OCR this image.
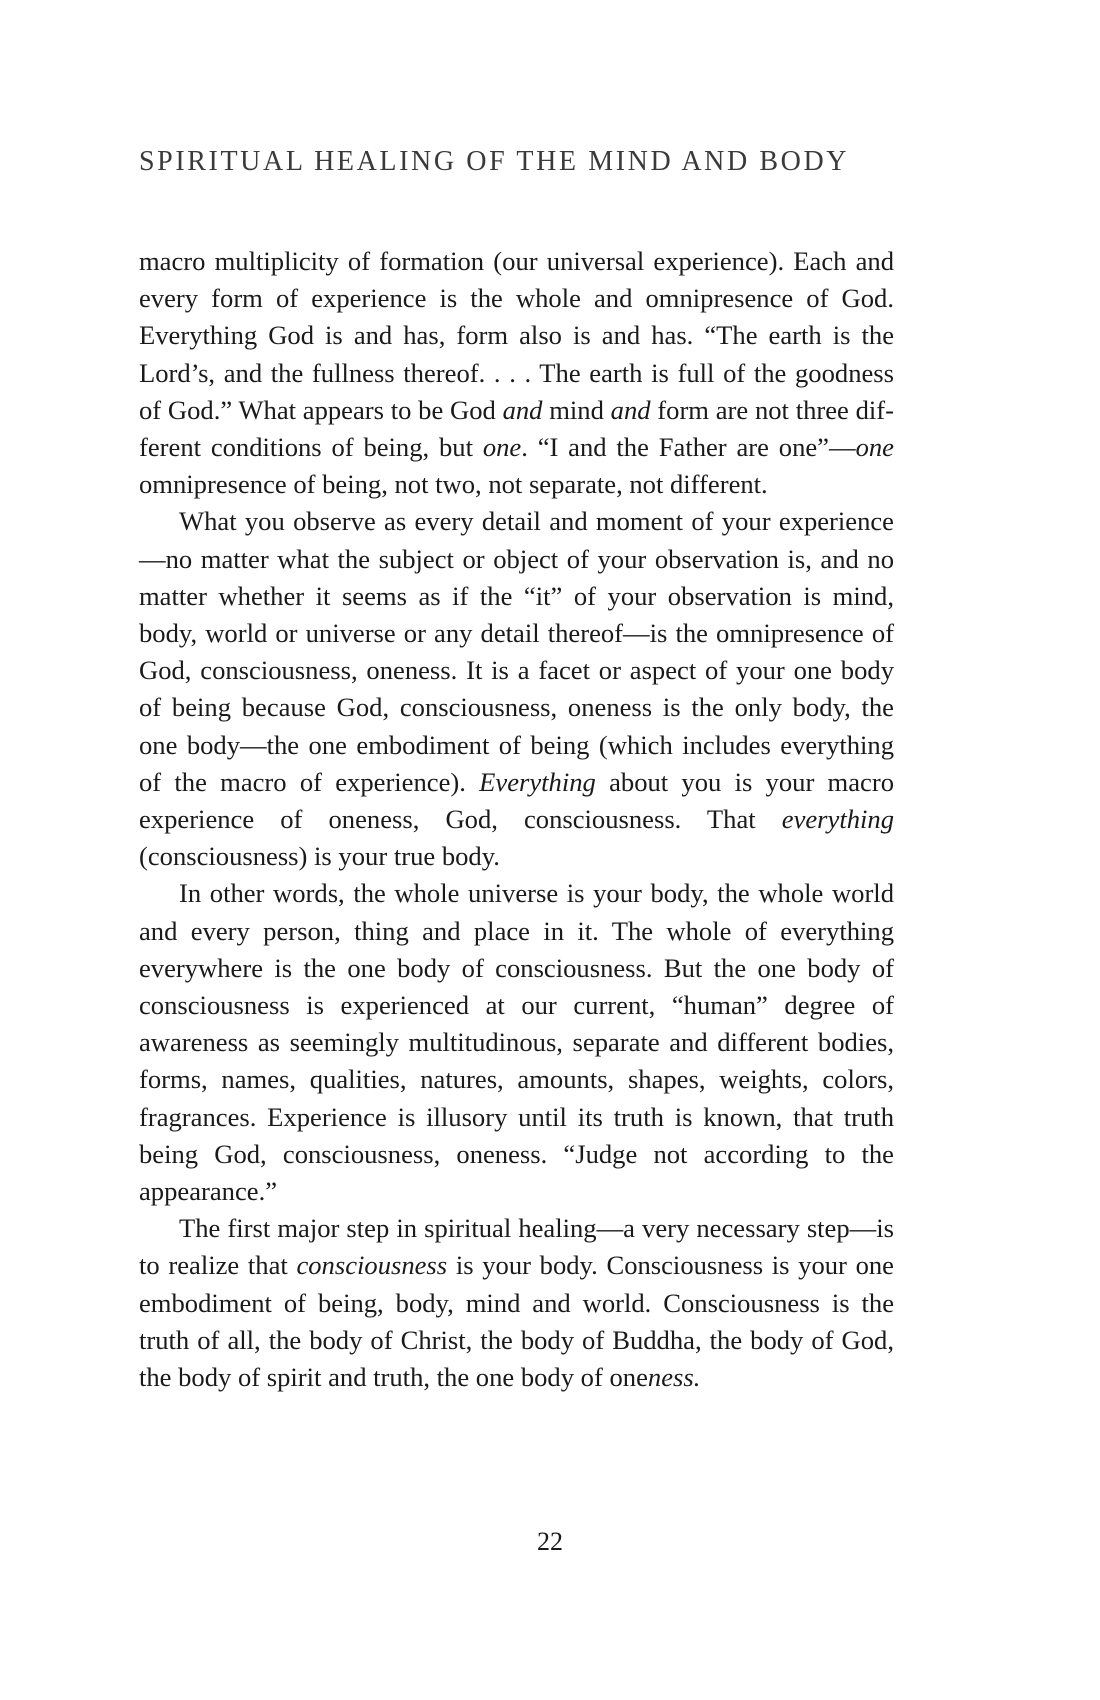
SPIRITUAL HEALING OF THE MIND AND BODY

macro multiplicity of formation (our universal experience). Each and every form of experience is the whole and omnipresence of God. Everything God is and has, form also is and has. “The earth is the Lord’s, and the fullness thereof. . . . The earth is full of the goodness of God.” What appears to be God and mind and form are not three different conditions of being, but one. “I and the Father are one”—one omnipresence of being, not two, not separate, not different.

What you observe as every detail and moment of your experience—no matter what the subject or object of your observation is, and no matter whether it seems as if the “it” of your observation is mind, body, world or universe or any detail thereof—is the omnipresence of God, consciousness, oneness. It is a facet or aspect of your one body of being because God, consciousness, oneness is the only body, the one body—the one embodiment of being (which includes everything of the macro of experience). Everything about you is your macro experience of oneness, God, consciousness. That everything (consciousness) is your true body.

In other words, the whole universe is your body, the whole world and every person, thing and place in it. The whole of everything everywhere is the one body of consciousness. But the one body of consciousness is experienced at our current, “human” degree of awareness as seemingly multitudinous, separate and different bodies, forms, names, qualities, natures, amounts, shapes, weights, colors, fragrances. Experience is illusory until its truth is known, that truth being God, consciousness, oneness. “Judge not according to the appearance.”

The first major step in spiritual healing—a very necessary step—is to realize that consciousness is your body. Consciousness is your one embodiment of being, body, mind and world. Consciousness is the truth of all, the body of Christ, the body of Buddha, the body of God, the body of spirit and truth, the one body of oneness.

22
